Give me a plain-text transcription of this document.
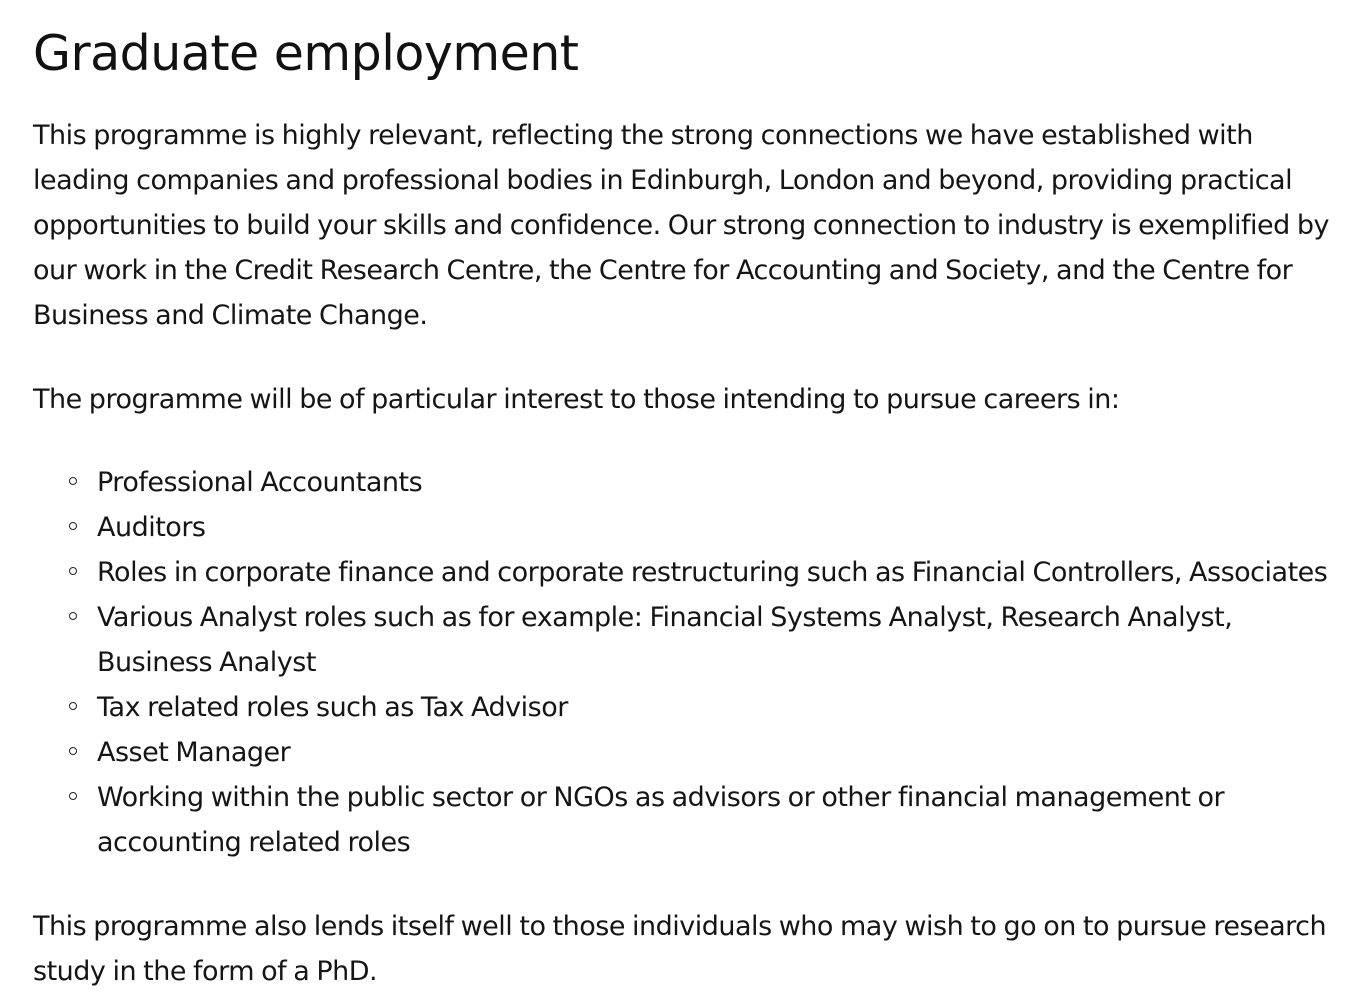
Graduate employment

This programme is highly relevant, reflecting the strong connections we have established with leading companies and professional bodies in Edinburgh, London and beyond, providing practical opportunities to build your skills and confidence. Our strong connection to industry is exemplified by our work in the Credit Research Centre, the Centre for Accounting and Society, and the Centre for Business and Climate Change.

The programme will be of particular interest to those intending to pursue careers in:

Professional Accountants
Auditors
Roles in corporate finance and corporate restructuring such as Financial Controllers, Associates
Various Analyst roles such as for example: Financial Systems Analyst, Research Analyst, Business Analyst
Tax related roles such as Tax Advisor
Asset Manager
Working within the public sector or NGOs as advisors or other financial management or accounting related roles

This programme also lends itself well to those individuals who may wish to go on to pursue research study in the form of a PhD.
